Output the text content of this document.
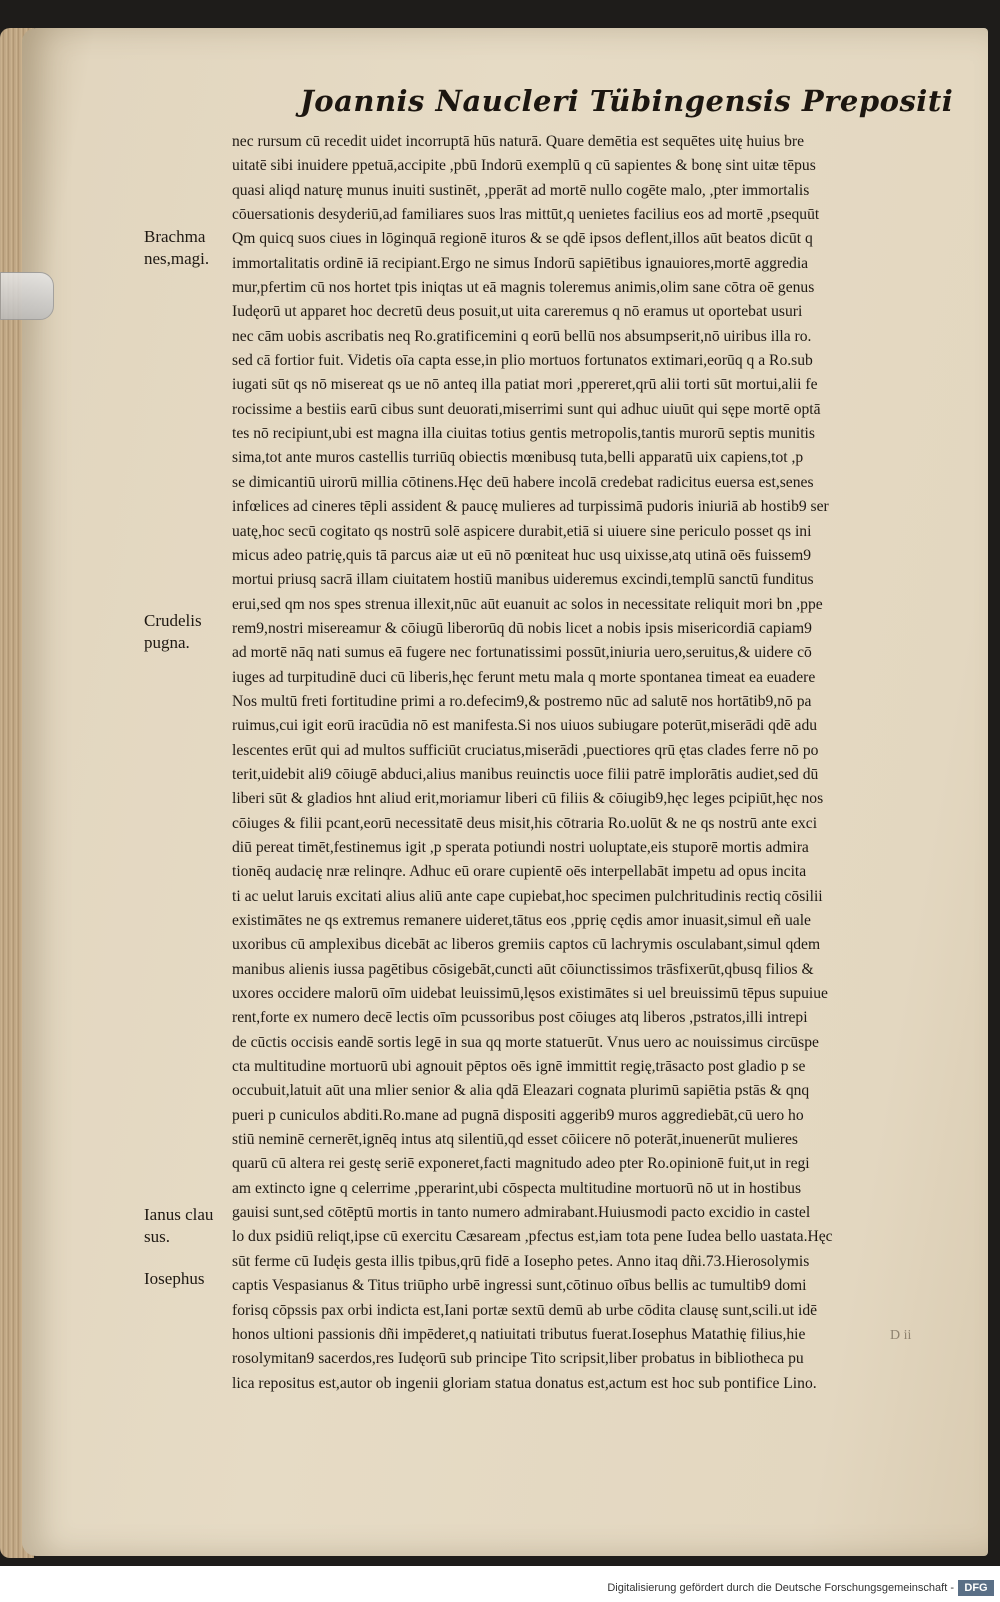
Joannis Naucleri Tübingensis Prepositi
Brachma
nes,magi.
Crudelis
pugna.
Ianus clau
sus.
Iosephus
nec rursum cū recedit uidet incorruptā hūs naturā. Quare demētia est sequētes uitę huius bre
uitatē sibi inuidere ppetuā,accipite ,pbū Indorū exemplū q cū sapientes & bonę sint uitæ tēpus
quasi aliqd naturę munus inuiti sustinēt, ,pperāt ad mortē nullo cogēte malo, ,pter immortalis
cōuersationis desyderiū,ad familiares suos lras mittūt,q uenietes facilius eos ad mortē ,psequūt
Qm quicq suos ciues in lōginquā regionē ituros & se qdē ipsos deflent,illos aūt beatos dicūt q
immortalitatis ordinē iā recipiant.Ergo ne simus Indorū sapiētibus ignauiores,mortē aggredia
mur,pfertim cū nos hortet tpis iniqtas ut eā magnis toleremus animis,olim sane cōtra oē genus
Iudęorū ut apparet hoc decretū deus posuit,ut uita careremus q nō eramus ut oportebat usuri
nec cām uobis ascribatis neq Ro.gratificemini q eorū bellū nos absumpserit,nō uiribus illa ro.
sed cā fortior fuit. Videtis oīa capta esse,in plio mortuos fortunatos extimari,eorūq q a Ro.sub
iugati sūt qs nō misereat qs ue nō anteq illa patiat mori ,ppereret,qrū alii torti sūt mortui,alii fe
rocissime a bestiis earū cibus sunt deuorati,miserrimi sunt qui adhuc uiuūt qui sępe mortē optā
tes nō recipiunt,ubi est magna illa ciuitas totius gentis metropolis,tantis murorū septis munitis
sima,tot ante muros castellis turriūq obiectis mœnibusq tuta,belli apparatū uix capiens,tot ,p
se dimicantiū uirorū millia cōtinens.Hęc deū habere incolā credebat radicitus euersa est,senes
infœlices ad cineres tēpli assident & paucę mulieres ad turpissimā pudoris iniuriā ab hostib9 ser
uatę,hoc secū cogitato qs nostrū solē aspicere durabit,etiā si uiuere sine periculo posset qs ini
micus adeo patrię,quis tā parcus aiæ ut eū nō pœniteat huc usq uixisse,atq utinā oēs fuissem9
mortui priusq sacrā illam ciuitatem hostiū manibus uideremus excindi,templū sanctū funditus
erui,sed qm nos spes strenua illexit,nūc aūt euanuit ac solos in necessitate reliquit mori bn ,ppe
rem9,nostri misereamur & cōiugū liberorūq dū nobis licet a nobis ipsis misericordiā capiam9
ad mortē nāq nati sumus eā fugere nec fortunatissimi possūt,iniuria uero,seruitus,& uidere cō
iuges ad turpitudinē duci cū liberis,hęc ferunt metu mala q morte spontanea timeat ea euadere
Nos multū freti fortitudine primi a ro.defecim9,& postremo nūc ad salutē nos hortātib9,nō pa
ruimus,cui igit eorū iracūdia nō est manifesta.Si nos uiuos subiugare poterūt,miserādi qdē adu
lescentes erūt qui ad multos sufficiūt cruciatus,miserādi ,puectiores qrū ętas clades ferre nō po
terit,uidebit ali9 cōiugē abduci,alius manibus reuinctis uoce filii patrē implorātis audiet,sed dū
liberi sūt & gladios hnt aliud erit,moriamur liberi cū filiis & cōiugib9,hęc leges pcipiūt,hęc nos
cōiuges & filii pcant,eorū necessitatē deus misit,his cōtraria Ro.uolūt & ne qs nostrū ante exci
diū pereat timēt,festinemus igit ,p sperata potiundi nostri uoluptate,eis stuporē mortis admira
tionēq audacię nræ relinqre. Adhuc eū orare cupientē oēs interpellabāt impetu ad opus incita
ti ac uelut laruis excitati alius aliū ante cape cupiebat,hoc specimen pulchritudinis rectiq cōsilii
existimātes ne qs extremus remanere uideret,tātus eos ,pprię cędis amor inuasit,simul eñ uale
uxoribus cū amplexibus dicebāt ac liberos gremiis captos cū lachrymis osculabant,simul qdem
manibus alienis iussa pagētibus cōsigebāt,cuncti aūt cōiunctissimos trāsfixerūt,qbusq filios &
uxores occidere malorū oīm uidebat leuissimū,lęsos existimātes si uel breuissimū tēpus supuiue
rent,forte ex numero decē lectis oīm pcussoribus post cōiuges atq liberos ,pstratos,illi intrepi
de cūctis occisis eandē sortis legē in sua qq morte statuerūt. Vnus uero ac nouissimus circūspe
cta multitudine mortuorū ubi agnouit pēptos oēs ignē immittit regię,trāsacto post gladio p se
occubuit,latuit aūt una mlier senior & alia qdā Eleazari cognata plurimū sapiētia pstās & qnq
pueri p cuniculos abditi.Ro.mane ad pugnā dispositi aggerib9 muros aggrediebāt,cū uero ho
stiū neminē cernerēt,ignēq intus atq silentiū,qd esset cōiicere nō poterāt,inuenerūt mulieres
quarū cū altera rei gestę seriē exponeret,facti magnitudo adeo pter Ro.opinionē fuit,ut in regi
am extincto igne q celerrime ,pperarint,ubi cōspecta multitudine mortuorū nō ut in hostibus
gauisi sunt,sed cōtēptū mortis in tanto numero admirabant.Huiusmodi pacto excidio in castel
lo dux psidiū reliqt,ipse cū exercitu Cæsaream ,pfectus est,iam tota pene Iudea bello uastata.Hęc
sūt ferme cū Iudęis gesta illis tpibus,qrū fidē a Iosepho petes. Anno itaq dñi.73.Hierosolymis
captis Vespasianus & Titus triūpho urbē ingressi sunt,cōtinuo oībus bellis ac tumultib9 domi
forisq cōpssis pax orbi indicta est,Iani portæ sextū demū ab urbe cōdita clausę sunt,scili.ut idē
honos ultioni passionis dñi impēderet,q natiuitati tributus fuerat.Iosephus Matathię filius,hie
rosolymitan9 sacerdos,res Iudęorū sub principe Tito scripsit,liber probatus in bibliotheca pu
lica repositus est,autor ob ingenii gloriam statua donatus est,actum est hoc sub pontifice Lino.
D ii
Digitalisierung gefördert durch die Deutsche Forschungsgemeinschaft - DFG
